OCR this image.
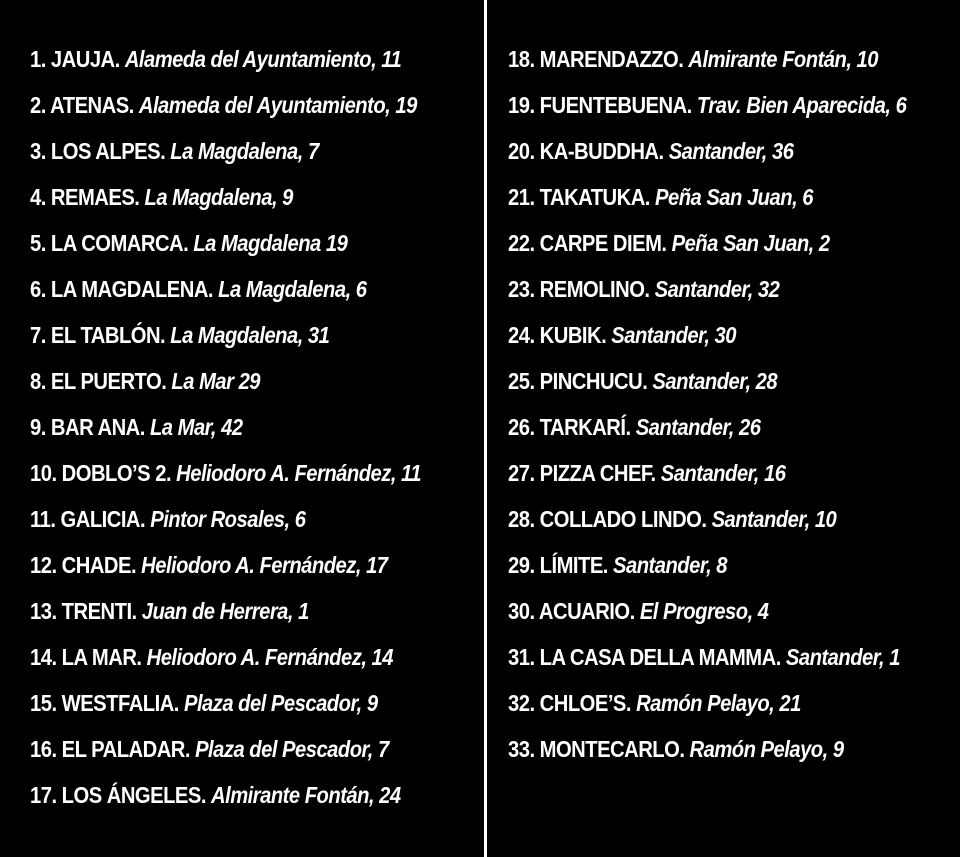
1. JAUJA. Alameda del Ayuntamiento, 11
2. ATENAS. Alameda del Ayuntamiento, 19
3. LOS ALPES. La Magdalena, 7
4. REMAES. La Magdalena, 9
5. LA COMARCA. La Magdalena 19
6. LA MAGDALENA. La Magdalena, 6
7. EL TABLÓN. La Magdalena, 31
8. EL PUERTO. La Mar 29
9. BAR ANA. La Mar, 42
10. DOBLO’S 2. Heliodoro A. Fernández, 11
11. GALICIA. Pintor Rosales, 6
12. CHADE. Heliodoro A. Fernández, 17
13. TRENTI. Juan de Herrera, 1
14. LA MAR. Heliodoro A. Fernández, 14
15. WESTFALIA. Plaza del Pescador, 9
16. EL PALADAR. Plaza del Pescador, 7
17. LOS ÁNGELES. Almirante Fontán, 24
18. MARENDAZZO. Almirante Fontán, 10
19. FUENTEBUENA. Trav. Bien Aparecida, 6
20. KA-BUDDHA. Santander, 36
21. TAKATUKA. Peña San Juan, 6
22. CARPE DIEM. Peña San Juan, 2
23. REMOLINO. Santander, 32
24. KUBIK. Santander, 30
25. PINCHUCU. Santander, 28
26. TARKARÍ. Santander, 26
27. PIZZA CHEF. Santander, 16
28. COLLADO LINDO. Santander, 10
29. LÍMITE. Santander, 8
30. ACUARIO. El Progreso, 4
31. LA CASA DELLA MAMMA. Santander, 1
32. CHLOE’S. Ramón Pelayo, 21
33. MONTECARLO. Ramón Pelayo, 9
